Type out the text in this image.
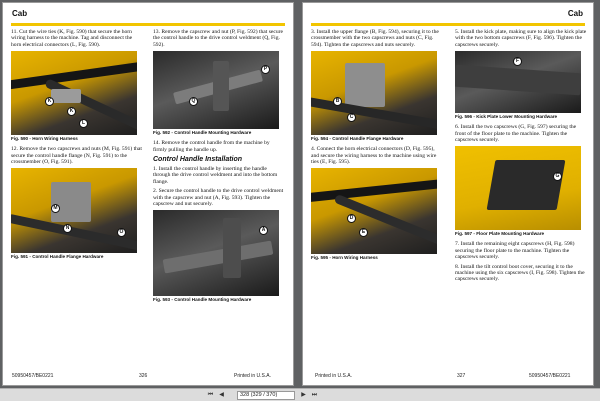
Cab
11. Cut the wire ties (K, Fig. 590) that secure the horn wiring harness to the machine. Tag and disconnect the horn electrical connectors (L, Fig. 590).
K
K
L
Fig. 590 - Horn Wiring Harness
12. Remove the two capscrews and nuts (M, Fig. 591) that secure the control handle flange (N, Fig. 591) to the crossmember (O, Fig. 591).
M
N
O
Fig. 591 - Control Handle Flange Hardware
13. Remove the capscrew and nut (P, Fig. 592) that secure the control handle to the drive control weldment (Q, Fig. 592).
P
Q
Fig. 592 - Control Handle Mounting Hardware
14. Remove the control handle from the machine by firmly pulling the handle up.
Control Handle Installation
1. Install the control handle by inserting the handle through the drive control weldment and into the bottom flange.
2. Secure the control handle to the drive control weldment with the capscrew and nut (A, Fig. 593). Tighten the capscrew and nut securely.
A
Fig. 593 - Control Handle Mounting Hardware
50950457/BE0221	326	Printed in U.S.A.
Cab
3. Install the upper flange (B, Fig. 594), securing it to the crossmember with the two capscrews and nuts (C, Fig. 594). Tighten the capscrews and nuts securely.
B
C
Fig. 594 - Control Handle Flange Hardware
4. Connect the horn electrical connectors (D, Fig. 595), and secure the wiring harness to the machine using wire ties (E, Fig. 595).
D
E
Fig. 595 - Horn Wiring Harness
5. Install the kick plate, making sure to align the kick plate with the two bottom capscrews (F, Fig. 596). Tighten the capscrews securely.
F
Fig. 596 - Kick Plate Lower Mounting Hardware
6. Install the two capscrews (G, Fig. 597) securing the front of the floor plate to the machine. Tighten the capscrews securely.
G
Fig. 597 - Floor Plate Mounting Hardware
7. Install the remaining eight capscrews (H, Fig. 598) securing the floor plate to the machine. Tighten the capscrews securely.
8. Install the tilt control boot cover, securing it to the machine using the six capscrews (I, Fig. 598). Tighten the capscrews securely.
Printed in U.S.A.	327	50950457/BE0221
⏮ ◀	328 (329 / 370)	▶ ⏭
